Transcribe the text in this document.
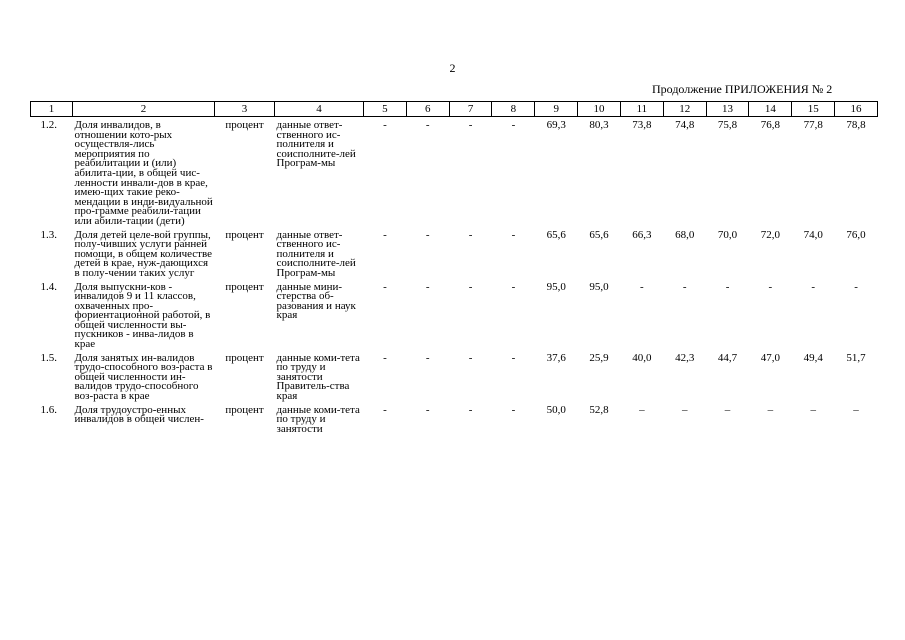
2
Продолжение ПРИЛОЖЕНИЯ № 2
1	2	3	4	5	6	7	8	9	10	11	12	13	14	15	16
1.2.	Доля инвалидов, в отношении кото-рых осуществля-лись мероприятия по реабилитации и (или) абилита-ции, в общей чис-ленности инвали-дов в крае, имею-щих такие реко-мендации в инди-видуальной про-грамме реабили-тации или абили-тации (дети)	процент	данные ответ-ственного ис-полнителя и соисполните-лей Програм-мы	-	-	-	-	69,3	80,3	73,8	74,8	75,8	76,8	77,8	78,8
1.3.	Доля детей целе-вой группы, полу-чивших услуги ранней помощи, в общем количестве детей в крае, нуж-дающихся в полу-чении таких услуг	процент	данные ответ-ственного ис-полнителя и соисполните-лей Програм-мы	-	-	-	-	65,6	65,6	66,3	68,0	70,0	72,0	74,0	76,0
1.4.	Доля выпускни-ков - инвалидов 9 и 11 классов, охваченных про-фориентационной работой, в общей численности вы-пускников - инва-лидов в крае	процент	данные мини-стерства об-разования и наук края	-	-	-	-	95,0	95,0	-	-	-	-	-	-
1.5.	Доля занятых ин-валидов трудо-способного воз-раста в общей численности ин-валидов трудо-способного воз-раста в крае	процент	данные коми-тета по труду и занятости Правитель-ства края	-	-	-	-	37,6	25,9	40,0	42,3	44,7	47,0	49,4	51,7
1.6.	Доля трудоустро-енных инвалидов в общей числен-	процент	данные коми-тета по труду и занятости	-	-	-	-	50,0	52,8	–	–	–	–	–	–
